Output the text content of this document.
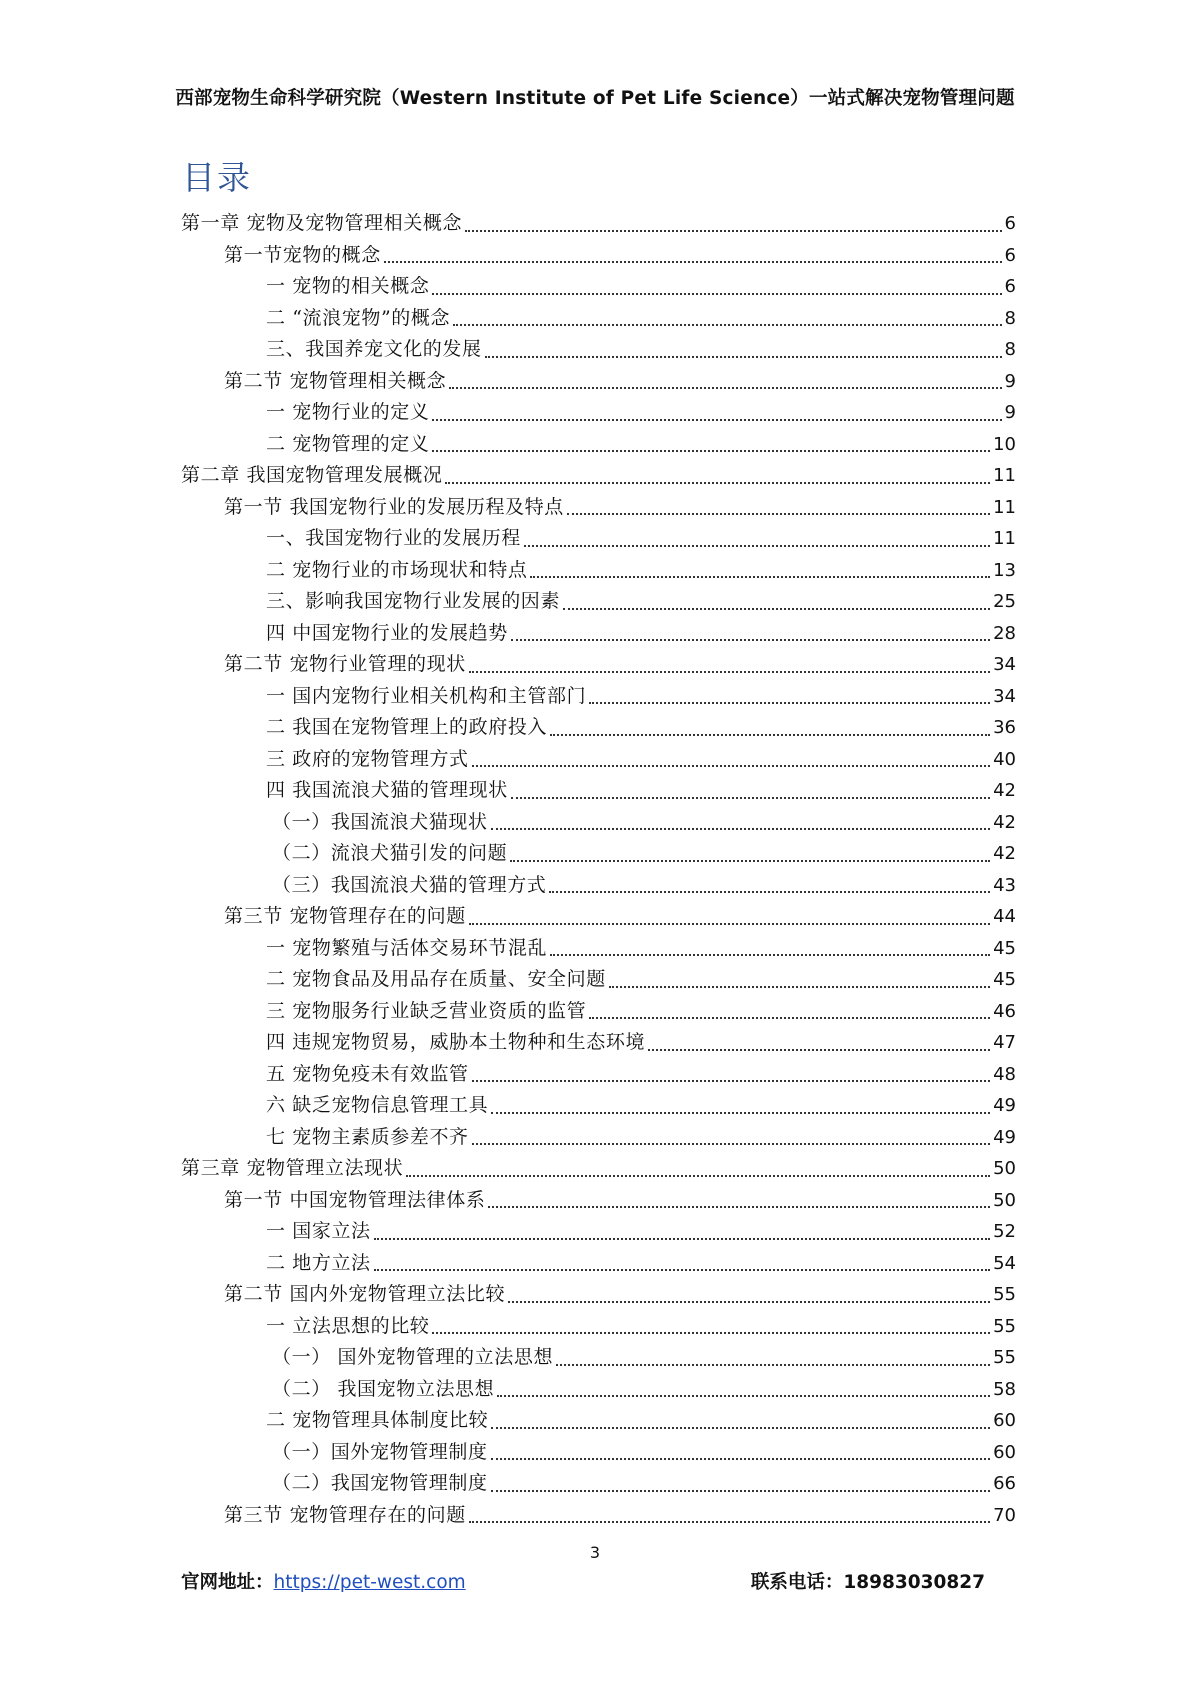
西部宠物生命科学研究院（Western Institute of Pet Life Science）一站式解决宠物管理问题
目录
第一章 宠物及宠物管理相关概念	6
第一节宠物的概念	6
一 宠物的相关概念	6
二 “流浪宠物”的概念	8
三、我国养宠文化的发展	8
第二节 宠物管理相关概念	9
一 宠物行业的定义	9
二 宠物管理的定义	10
第二章 我国宠物管理发展概况	11
第一节 我国宠物行业的发展历程及特点	11
一、我国宠物行业的发展历程	11
二 宠物行业的市场现状和特点	13
三、影响我国宠物行业发展的因素	25
四 中国宠物行业的发展趋势	28
第二节 宠物行业管理的现状	34
一 国内宠物行业相关机构和主管部门	34
二 我国在宠物管理上的政府投入	36
三 政府的宠物管理方式	40
四 我国流浪犬猫的管理现状	42
（一）我国流浪犬猫现状	42
（二）流浪犬猫引发的问题	42
（三）我国流浪犬猫的管理方式	43
第三节 宠物管理存在的问题	44
一 宠物繁殖与活体交易环节混乱	45
二 宠物食品及用品存在质量、安全问题	45
三 宠物服务行业缺乏营业资质的监管	46
四 违规宠物贸易，威胁本土物种和生态环境	47
五 宠物免疫未有效监管	48
六 缺乏宠物信息管理工具	49
七 宠物主素质参差不齐	49
第三章 宠物管理立法现状	50
第一节 中国宠物管理法律体系	50
一 国家立法	52
二 地方立法	54
第二节 国内外宠物管理立法比较	55
一 立法思想的比较	55
（一） 国外宠物管理的立法思想	55
（二） 我国宠物立法思想	58
二 宠物管理具体制度比较	60
（一）国外宠物管理制度	60
（二）我国宠物管理制度	66
第三节 宠物管理存在的问题	70
3
官网地址：https://pet-west.com	联系电话：18983030827
